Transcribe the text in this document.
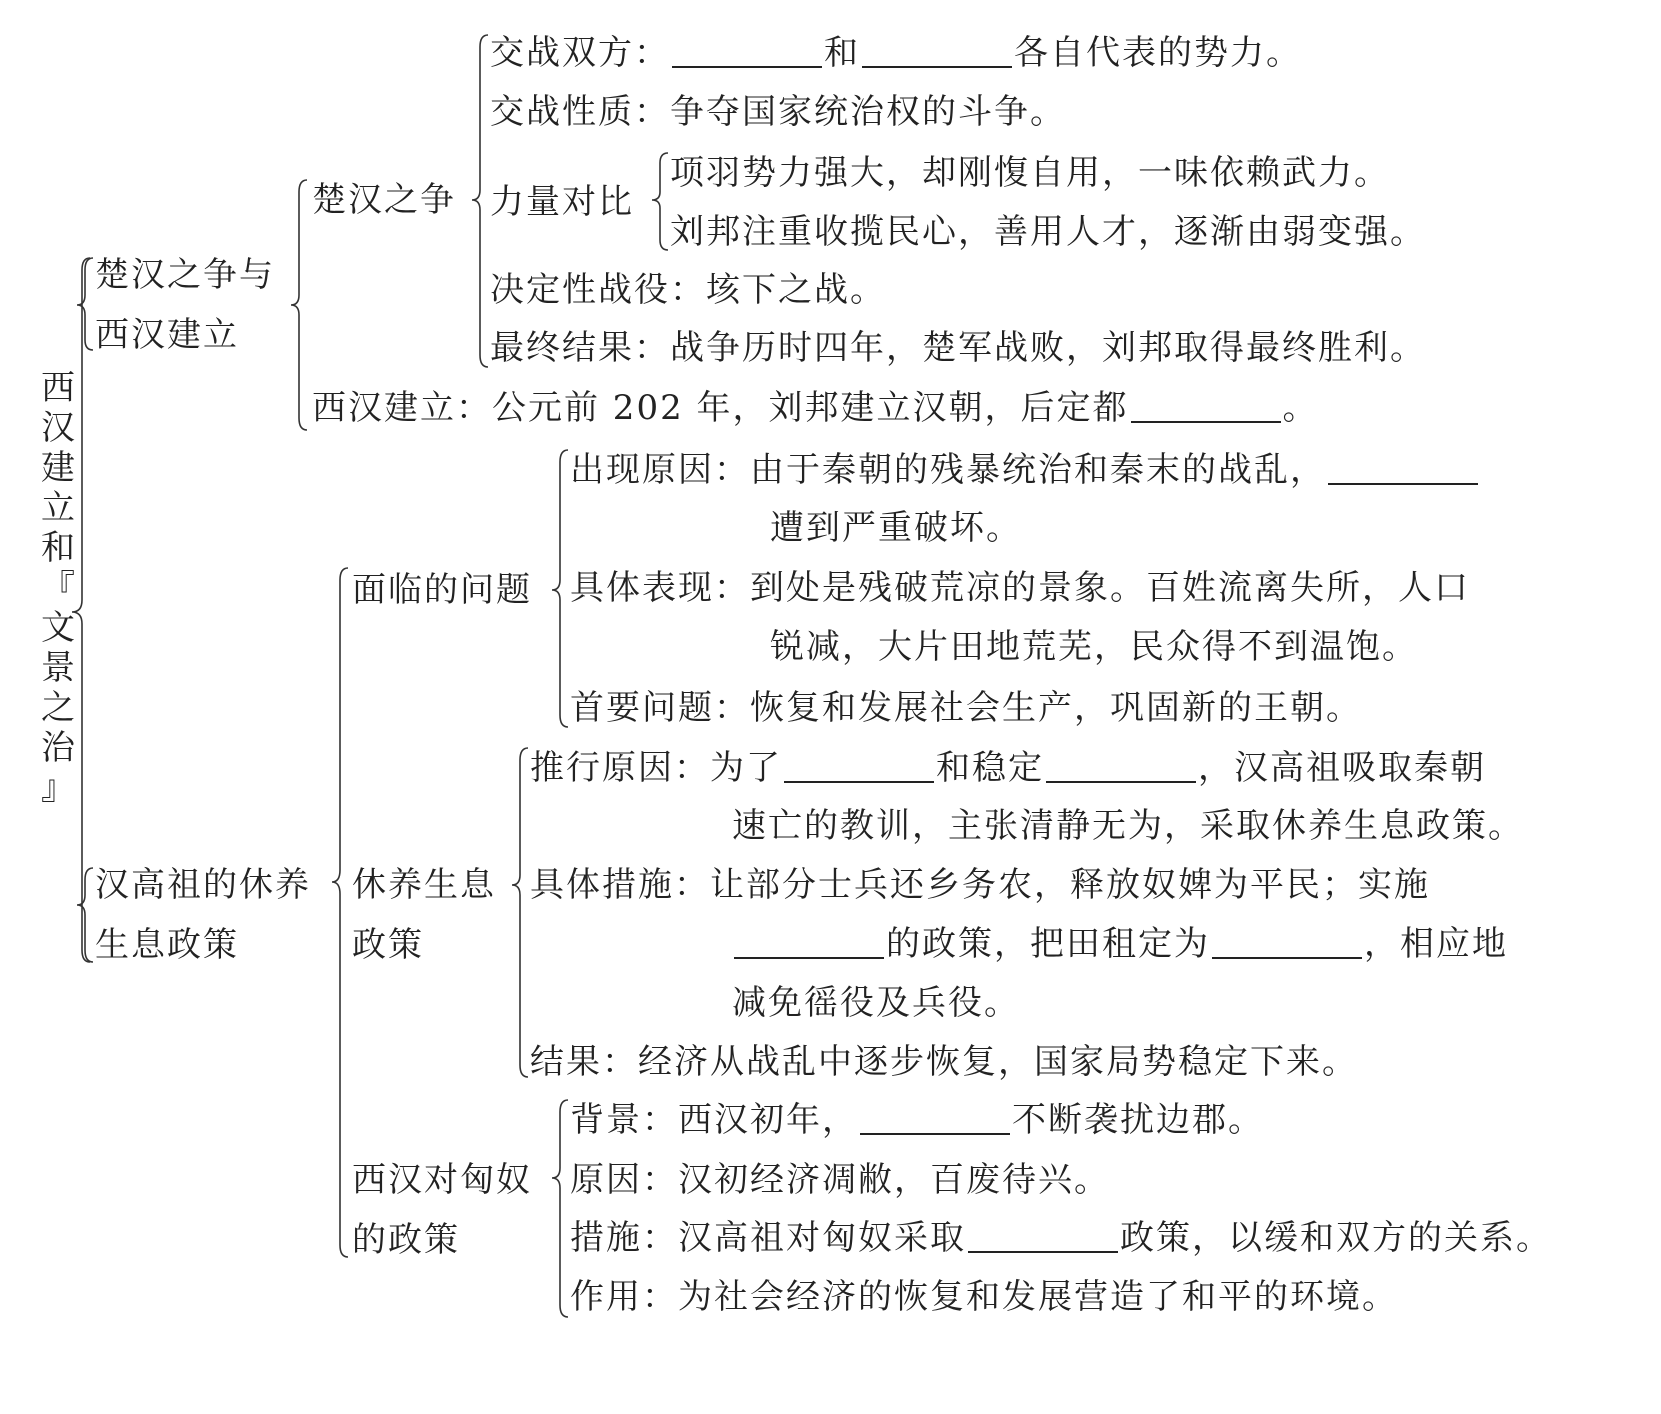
西
汉
建
立
和
『
文
景
之
治
』
楚汉之争与
西汉建立
楚汉之争
交战双方：	和	各自代表的势力。
交战性质：争夺国家统治权的斗争。
力量对比
项羽势力强大，却刚愎自用，一味依赖武力。
刘邦注重收揽民心，善用人才，逐渐由弱变强。
决定性战役：垓下之战。
最终结果：战争历时四年，楚军战败，刘邦取得最终胜利。
西汉建立：公元前 202 年，刘邦建立汉朝，后定都	。
汉高祖的休养
生息政策
面临的问题
出现原因：由于秦朝的残暴统治和秦末的战乱，
遭到严重破坏。
具体表现：到处是残破荒凉的景象。百姓流离失所，人口
锐减，大片田地荒芜，民众得不到温饱。
首要问题：恢复和发展社会生产，巩固新的王朝。
休养生息
政策
推行原因：为了	和稳定	，汉高祖吸取秦朝
速亡的教训，主张清静无为，采取休养生息政策。
具体措施：让部分士兵还乡务农，释放奴婢为平民；实施
的政策，把田租定为	，相应地
减免徭役及兵役。
结果：经济从战乱中逐步恢复，国家局势稳定下来。
西汉对匈奴
的政策
背景：西汉初年，	不断袭扰边郡。
原因：汉初经济凋敝，百废待兴。
措施：汉高祖对匈奴采取	政策，以缓和双方的关系。
作用：为社会经济的恢复和发展营造了和平的环境。
